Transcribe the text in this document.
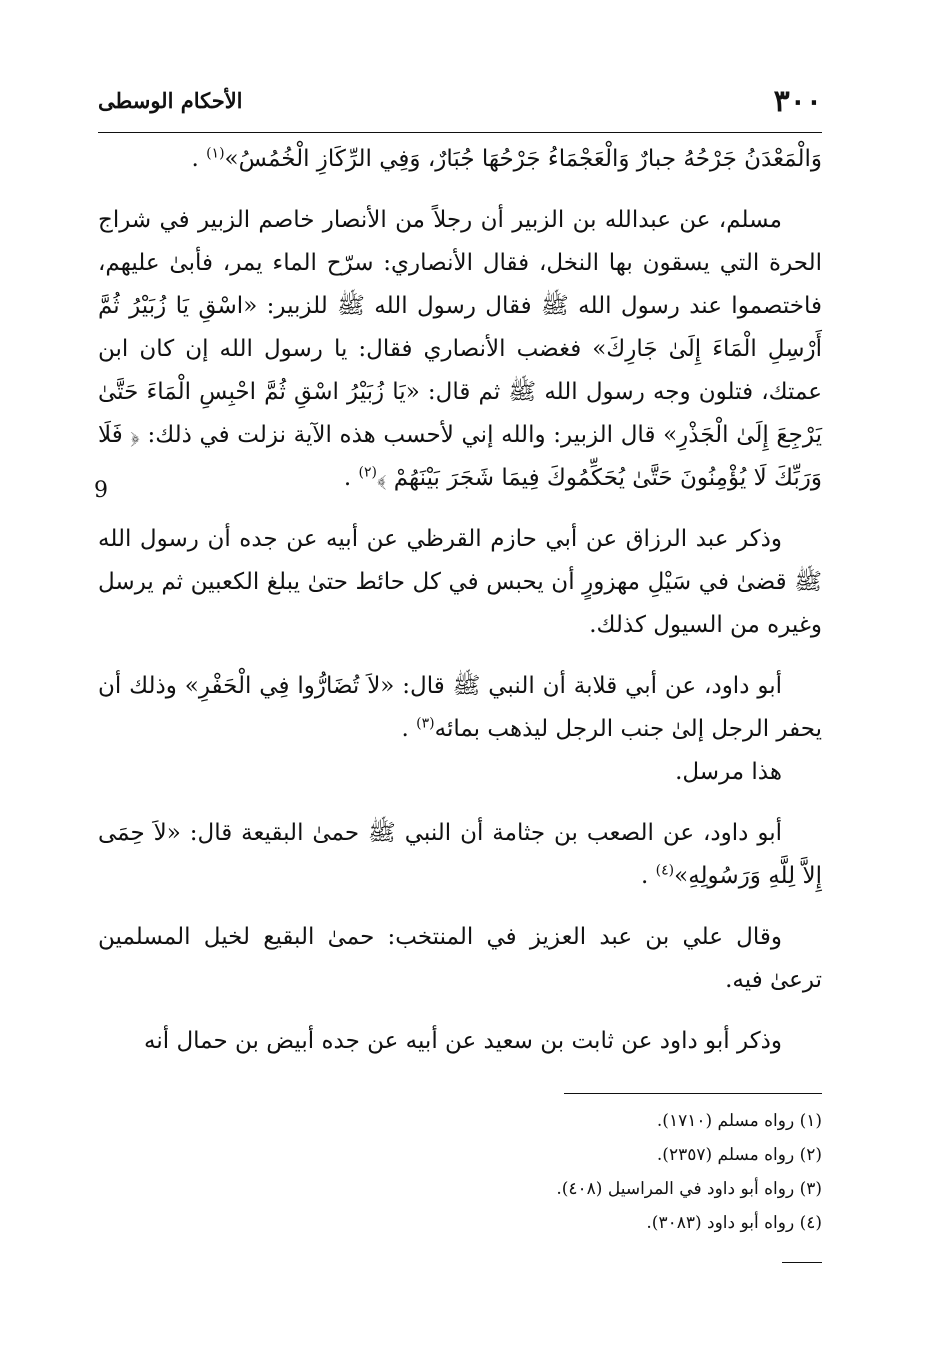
٣٠٠
الأحكام الوسطى

وَالْمَعْدَنُ جَرْحُهُ جبارٌ وَالْعَجْمَاءُ جَرْحُهَا جُبَارٌ، وَفِي الرِّكَازِ الْخُمُسُ»$^{(١)}$ .

مسلم، عن عبدالله بن الزبير أن رجلاً من الأنصار خاصم الزبير في شراج الحرة التي يسقون بها النخل، فقال الأنصاري: سرّح الماء يمر، فأبىٰ عليهم، فاختصموا عند رسول الله ﷺ فقال رسول الله ﷺ للزبير: «اسْقِ يَا زُبَيْرُ ثُمَّ أَرْسِلِ الْمَاءَ إِلَىٰ جَارِكَ» فغضب الأنصاري فقال: يا رسول الله إن كان ابن عمتك، فتلون وجه رسول الله ﷺ ثم قال: «يَا زُبَيْرُ اسْقِ ثُمَّ احْبِسِ الْمَاءَ حَتَّىٰ يَرْجِعَ إِلَىٰ الْجَذْرِ» قال الزبير: والله إني لأحسب هذه الآية نزلت في ذلك: ﴿ فَلَا وَرَبِّكَ لَا يُؤْمِنُونَ حَتَّىٰ يُحَكِّمُوكَ فِيمَا شَجَرَ بَيْنَهُمْ ﴾$^{(٢)}$ .

وذكر عبد الرزاق عن أبي حازم القرظي عن أبيه عن جده أن رسول الله ﷺ قضىٰ في سَيْلِ مهزورٍ أن يحبس في كل حائط حتىٰ يبلغ الكعبين ثم يرسل وغيره من السيول كذلك.

أبو داود، عن أبي قلابة أن النبي ﷺ قال: «لاَ تُضَارُّوا فِي الْحَفْرِ» وذلك أن يحفر الرجل إلىٰ جنب الرجل ليذهب بمائه$^{(٣)}$ .

هذا مرسل.

أبو داود، عن الصعب بن جثامة أن النبي ﷺ حمىٰ البقيعة قال: «لاَ حِمَى إِلاَّ لِلَّهِ وَرَسُولِهِ»$^{(٤)}$ .

وقال علي بن عبد العزيز في المنتخب: حمىٰ البقيع لخيل المسلمين ترعىٰ فيه.

وذكر أبو داود عن ثابت بن سعيد عن أبيه عن جده أبيض بن حمال أنه

9

(١) رواه مسلم (١٧١٠).

(٢) رواه مسلم (٢٣٥٧).

(٣) رواه أبو داود في المراسيل (٤٠٨).

(٤) رواه أبو داود (٣٠٨٣).
